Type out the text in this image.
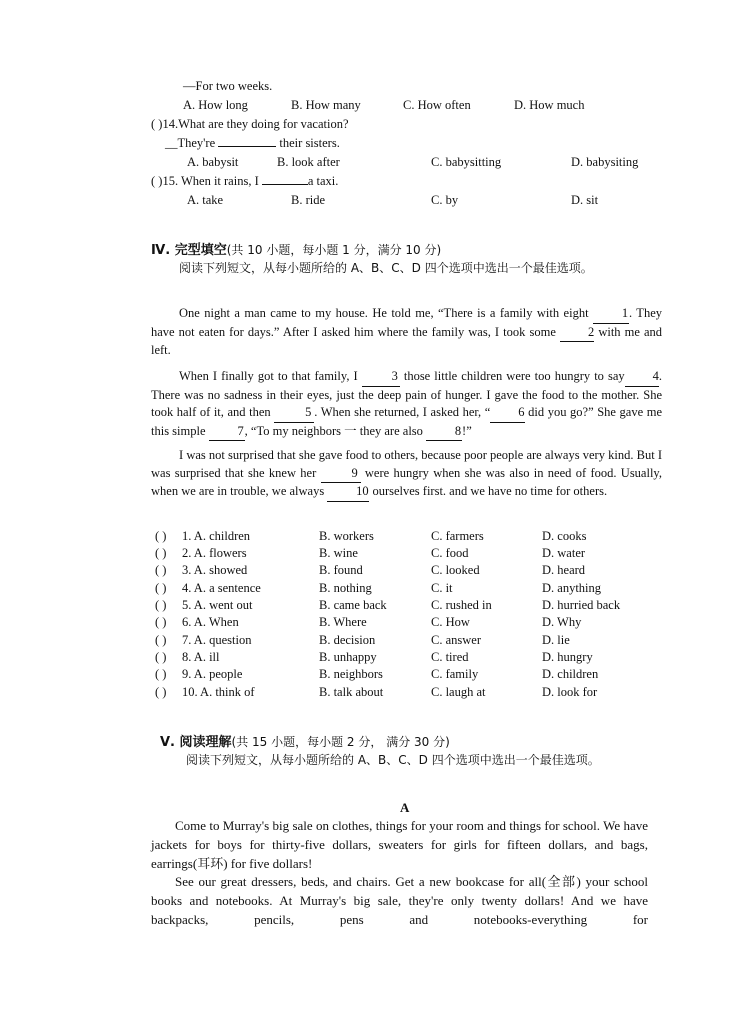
—For two weeks.
A. How long	B. How many	C. How often	D. How much
( )14.What are they doing for vacation?
__They're	their sisters.
A. babysit	B. look after	C. babysitting	D. babysiting
( )15. When it rains, I	a taxi.
A. take	B. ride	C. by	D. sit
Ⅳ. 完型填空(共 10 小题，每小题 1 分，满分 10 分)
阅读下列短文，从每小题所给的 A、B、C、D 四个选项中选出一个最佳选项。

One night a man came to my house. He told me, “There is a family with eight	1. They have not eaten for days.” After I asked him where the family was, I took some	2 with me and left.

When I finally got to that family, I	3 those little children were too hungry to say 4. There was no sadness in their eyes, just the deep pain of hunger. I gave the food to the mother. She took half of it, and then	5 . When she returned, I asked her, “ 6 did you go?” She gave me this simple	7, “To my neighbors 一 they are also	8!”

I was not surprised that she gave food to others, because poor people are always very kind. But I was surprised that she knew her	9 were hungry when she was also in need of food. Usually, when we are in trouble, we always	10 ourselves first. and we have no time for others.

( ) 1. A. children	B. workers	C. farmers	D. cooks
( ) 2. A. flowers	B. wine	C. food	D. water
( ) 3. A. showed	B. found	C. looked	D. heard
( ) 4. A. a sentence	B. nothing	C. it	D. anything
( ) 5. A. went out	B. came back	C. rushed in	D. hurried back
( ) 6. A. When	B. Where	C. How	D. Why
( ) 7. A. question	B. decision	C. answer	D. lie
( ) 8. A. ill	B. unhappy	C. tired	D. hungry
( ) 9. A. people	B. neighbors	C. family	D. children
( ) 10. A. think of	B. talk about	C. laugh at	D. look for
Ⅴ. 阅读理解(共 15 小题，每小题 2 分， 满分 30 分)
阅读下列短文，从每小题所给的 A、B、C、D 四个选项中选出一个最佳选项。
A

Come to Murray's big sale on clothes, things for your room and things for school. We have jackets for boys for thirty-five dollars, sweaters for girls for fifteen dollars, and bags, earrings(耳环) for five dollars!

See our great dressers, beds, and chairs. Get a new bookcase for all(全部) your school books and notebooks. At Murray's big sale, they're only twenty dollars! And we have backpacks, pencils, pens and notebooks-everything for
